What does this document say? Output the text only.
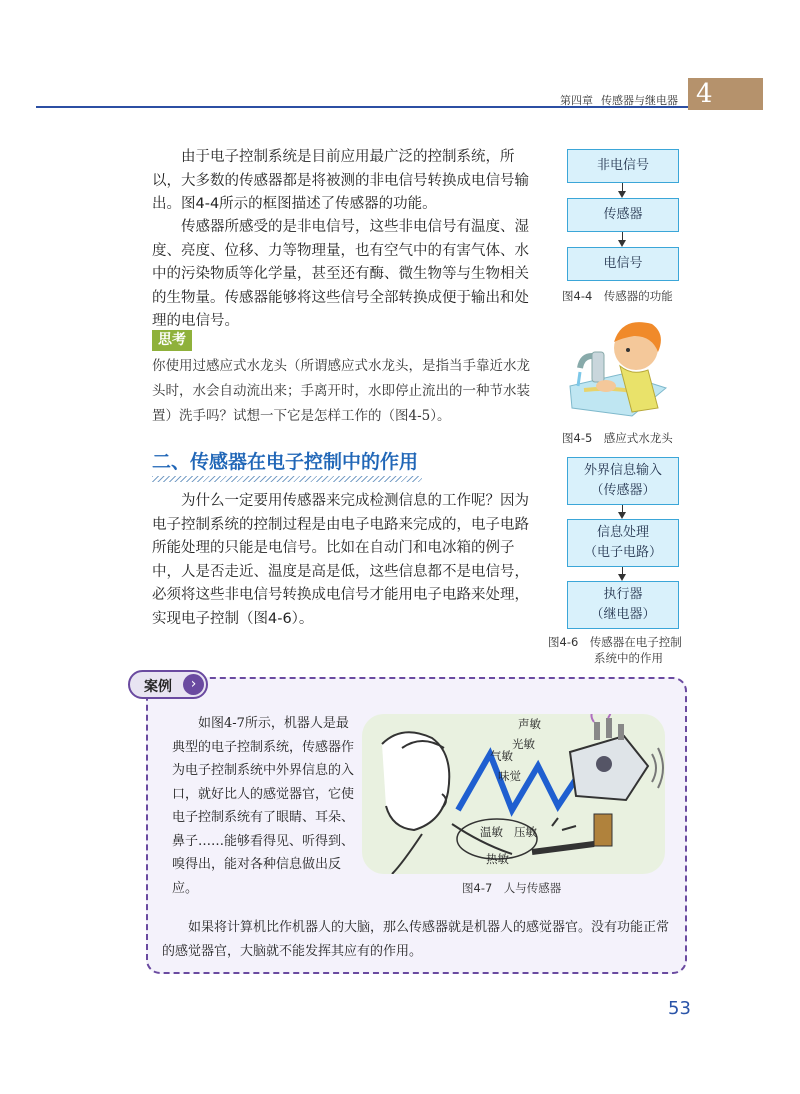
第四章 传感器与继电器 4

由于电子控制系统是目前应用最广泛的控制系统，所以，大多数的传感器都是将被测的非电信号转换成电信号输出。图4-4所示的框图描述了传感器的功能。

传感器所感受的是非电信号，这些非电信号有温度、湿度、亮度、位移、力等物理量，也有空气中的有害气体、水中的污染物质等化学量，甚至还有酶、微生物等与生物相关的生物量。传感器能够将这些信号全部转换成便于输出和处理的电信号。

非电信号
传感器
电信号
图4-4　传感器的功能
图4-5　感应式水龙头
思考

你使用过感应式水龙头（所谓感应式水龙头，是指当手靠近水龙头时，水会自动流出来；手离开时，水即停止流出的一种节水装置）洗手吗？试想一下它是怎样工作的（图4-5）。

二、传感器在电子控制中的作用

为什么一定要用传感器来完成检测信息的工作呢？因为电子控制系统的控制过程是由电子电路来完成的，电子电路所能处理的只能是电信号。比如在自动门和电冰箱的例子中，人是否走近、温度是高是低，这些信息都不是电信号，必须将这些非电信号转换成电信号才能用电子电路来处理，实现电子控制（图4-6）。

外界信息输入
（传感器）
信息处理
（电子电路）
执行器
（继电器）
图4-6　传感器在电子控制
系统中的作用
案例	›

如图4-7所示，机器人是最典型的电子控制系统，传感器作为电子控制系统中外界信息的入口，就好比人的感觉器官，它使电子控制系统有了眼睛、耳朵、鼻子……能够看得见、听得到、嗅得出，能对各种信息做出反应。

声敏
光敏
气敏
味觉
温敏 压敏
热敏
图4-7　人与传感器

如果将计算机比作机器人的大脑，那么传感器就是机器人的感觉器官。没有功能正常的感觉器官，大脑就不能发挥其应有的作用。

53
